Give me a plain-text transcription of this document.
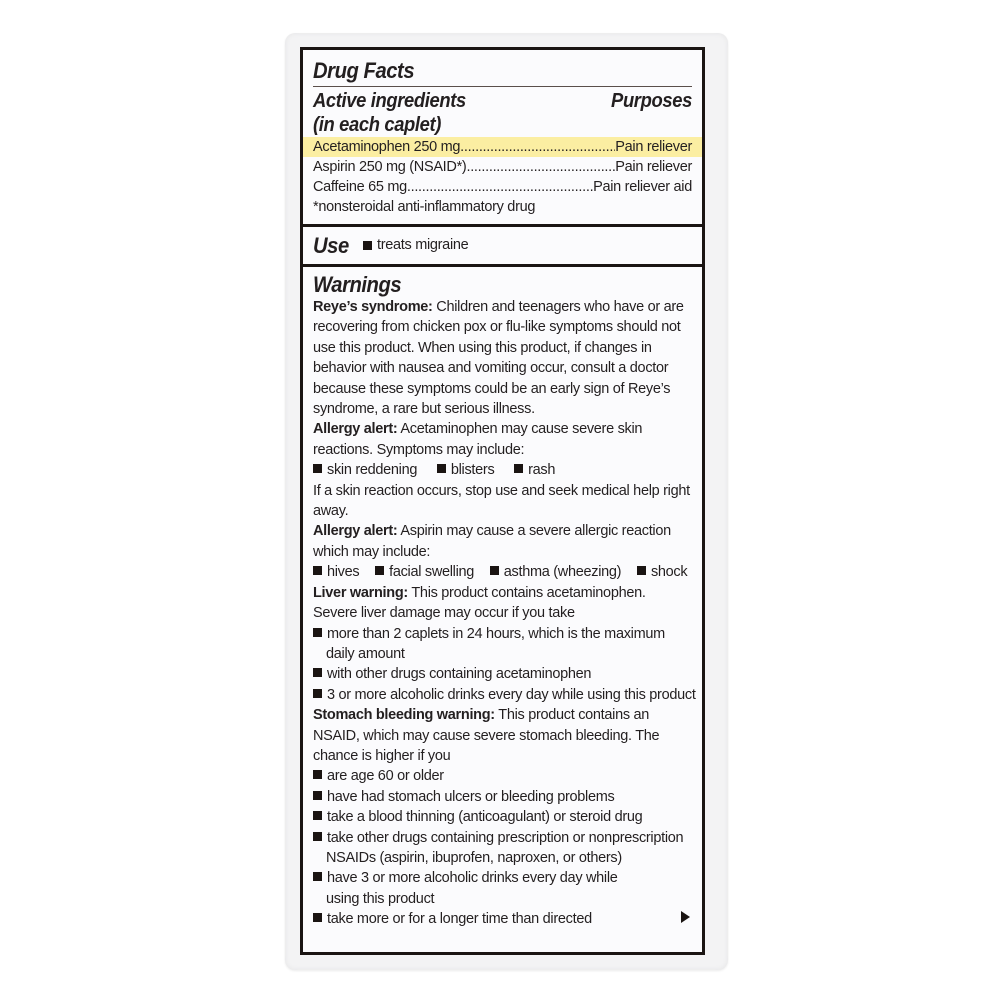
Drug Facts
Active ingredients
(in each caplet)
Purposes
Acetaminophen 250 mg .....	Pain reliever
Aspirin 250 mg (NSAID*) .....	Pain reliever
Caffeine 65 mg .....	Pain reliever aid
*nonsteroidal anti-inflammatory drug
Use treats migraine
Warnings
Reye’s syndrome: Children and teenagers who have or are recovering from chicken pox or flu-like symptoms should not use this product. When using this product, if changes in behavior with nausea and vomiting occur, consult a doctor because these symptoms could be an early sign of Reye’s syndrome, a rare but serious illness.
Allergy alert: Acetaminophen may cause severe skin reactions. Symptoms may include:
skin reddening blisters rash
If a skin reaction occurs, stop use and seek medical help right away.
Allergy alert: Aspirin may cause a severe allergic reaction which may include:
hives facial swelling asthma (wheezing) shock
Liver warning: This product contains acetaminophen. Severe liver damage may occur if you take
more than 2 caplets in 24 hours, which is the maximum daily amount
with other drugs containing acetaminophen
3 or more alcoholic drinks every day while using this product
Stomach bleeding warning: This product contains an NSAID, which may cause severe stomach bleeding. The chance is higher if you
are age 60 or older
have had stomach ulcers or bleeding problems
take a blood thinning (anticoagulant) or steroid drug
take other drugs containing prescription or nonprescription NSAIDs (aspirin, ibuprofen, naproxen, or others)
have 3 or more alcoholic drinks every day while using this product
take more or for a longer time than directed
